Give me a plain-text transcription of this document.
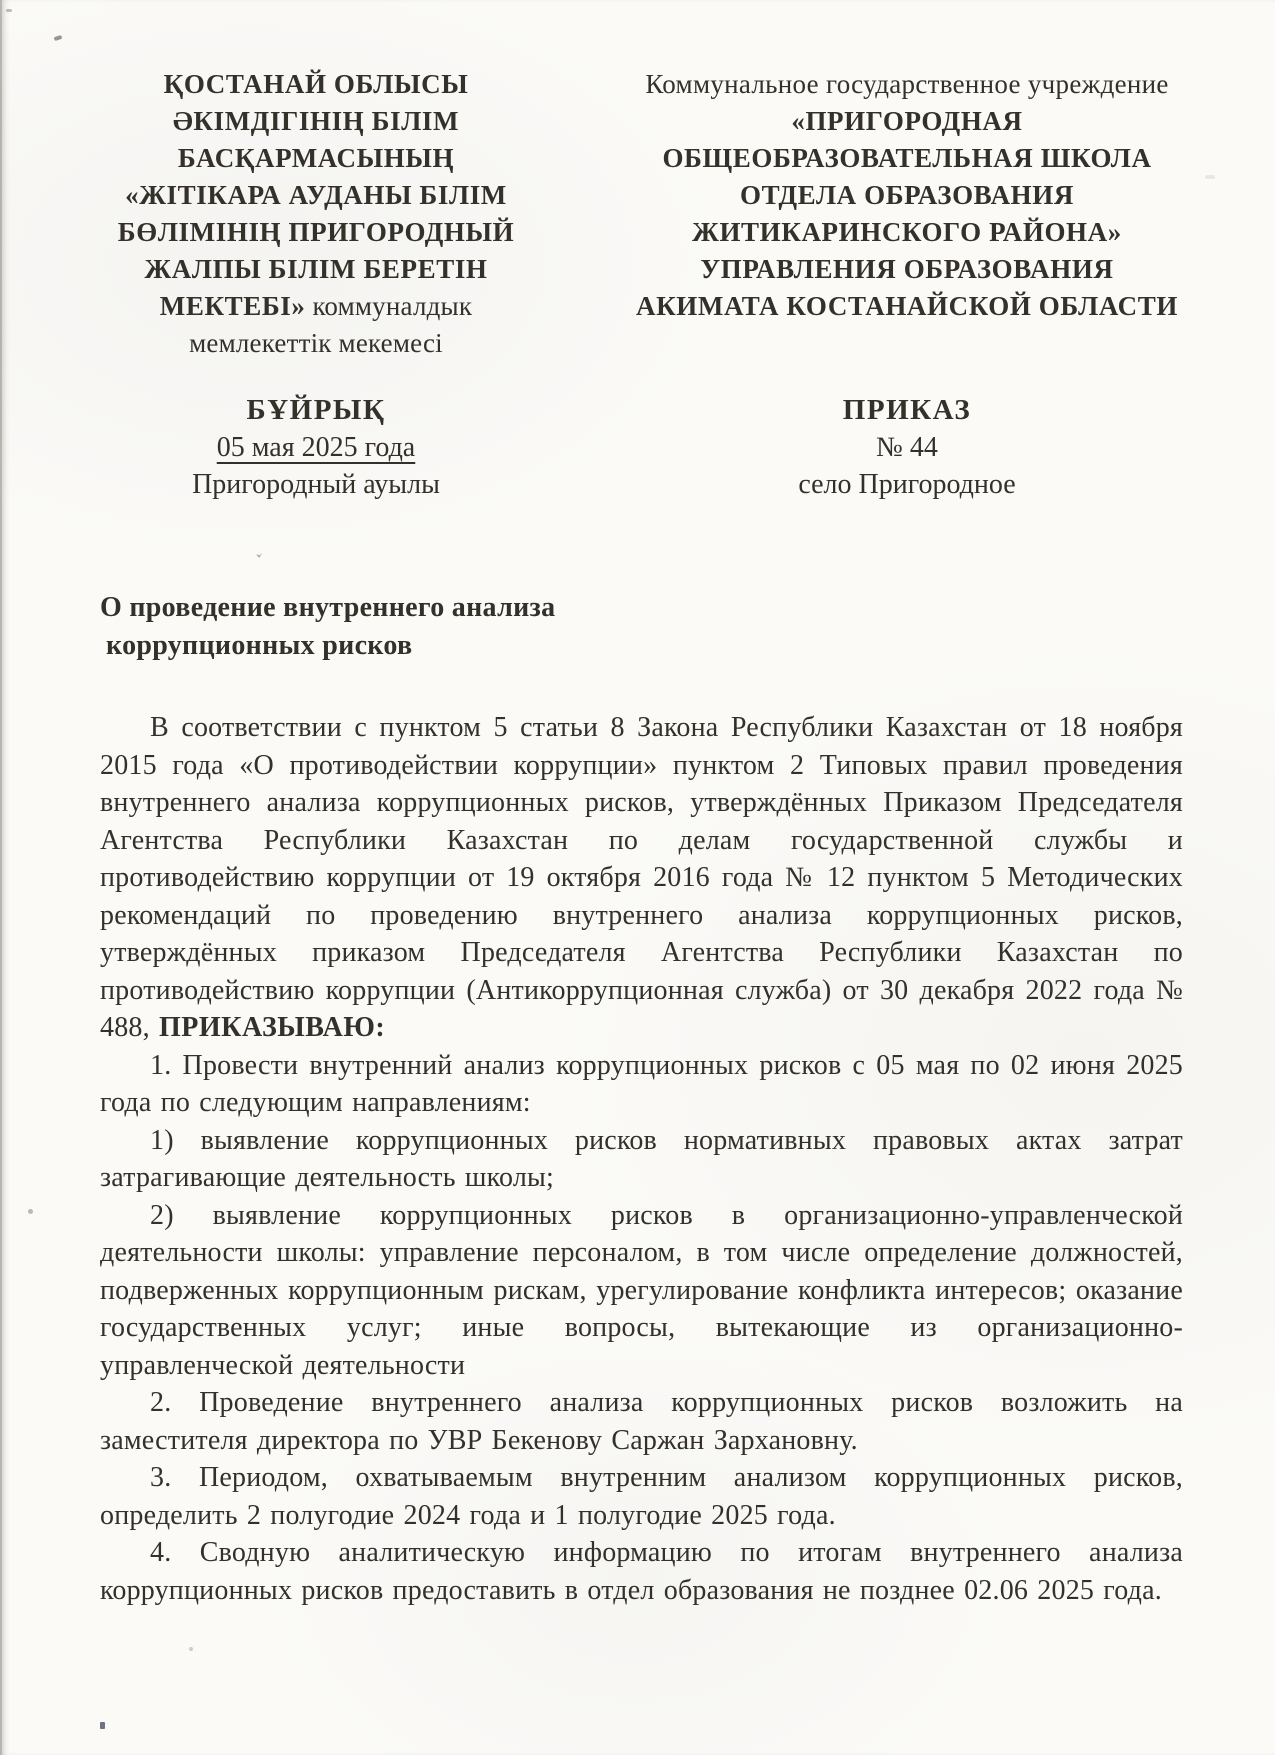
ҚОСТАНАЙ ОБЛЫСЫ ӘКІМДІГІНІҢ БІЛІМ БАСҚАРМАСЫНЫҢ «ЖІТІКАРА АУДАНЫ БІЛІМ БӨЛІМІНІҢ ПРИГОРОДНЫЙ ЖАЛПЫ БІЛІМ БЕРЕТІН МЕКТЕБІ» коммуналдык мемлекеттік мекемесі
Коммунальное государственное учреждение «ПРИГОРОДНАЯ ОБЩЕОБРАЗОВАТЕЛЬНАЯ ШКОЛА ОТДЕЛА ОБРАЗОВАНИЯ ЖИТИКАРИНСКОГО РАЙОНА» УПРАВЛЕНИЯ ОБРАЗОВАНИЯ АКИМАТА КОСТАНАЙСКОЙ ОБЛАСТИ
БҰЙРЫҚ
05 мая 2025 года
Пригородный ауылы
ПРИКАЗ
№ 44
село Пригородное
О проведение внутреннего анализа
коррупционных рисков

В соответствии с пунктом 5 статьи 8 Закона Республики Казахстан от 18 ноября 2015 года «О противодействии коррупции» пунктом 2 Типовых правил проведения внутреннего анализа коррупционных рисков, утверждённых Приказом Председателя Агентства Республики Казахстан по делам государственной службы и противодействию коррупции от 19 октября 2016 года № 12 пунктом 5 Методических рекомендаций по проведению внутреннего анализа коррупционных рисков, утверждённых приказом Председателя Агентства Республики Казахстан по противодействию коррупции (Антикоррупционная служба) от 30 декабря 2022 года № 488, ПРИКАЗЫВАЮ:

1. Провести внутренний анализ коррупционных рисков с 05 мая по 02 июня 2025 года по следующим направлениям:

1) выявление коррупционных рисков нормативных правовых актах затрат затрагивающие деятельность школы;

2) выявление коррупционных рисков в организационно-управленческой деятельности школы: управление персоналом, в том числе определение должностей, подверженных коррупционным рискам, урегулирование конфликта интересов; оказание государственных услуг; иные вопросы, вытекающие из организационно-управленческой деятельности

2. Проведение внутреннего анализа коррупционных рисков возложить на заместителя директора по УВР Бекенову Саржан Зархановну.

3. Периодом, охватываемым внутренним анализом коррупционных рисков, определить 2 полугодие 2024 года и 1 полугодие 2025 года.

4. Сводную аналитическую информацию по итогам внутреннего анализа коррупционных рисков предоставить в отдел образования не позднее 02.06 2025 года.
